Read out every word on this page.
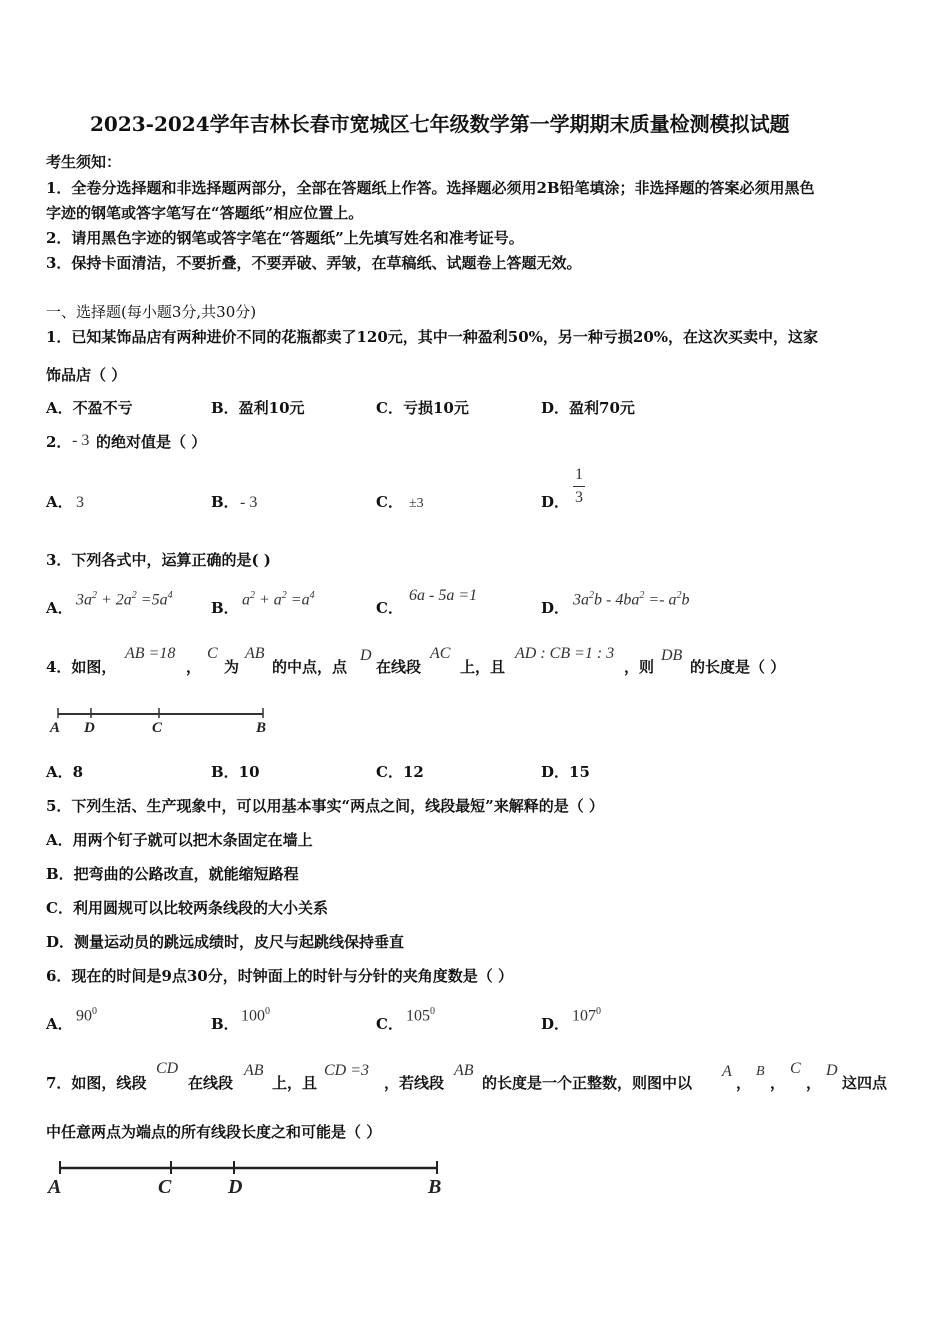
2023-2024学年吉林长春市宽城区七年级数学第一学期期末质量检测模拟试题
考生须知：
1．全卷分选择题和非选择题两部分，全部在答题纸上作答。选择题必须用2B铅笔填涂；非选择题的答案必须用黑色
字迹的钢笔或答字笔写在“答题纸”相应位置上。
2．请用黑色字迹的钢笔或答字笔在“答题纸”上先填写姓名和准考证号。
3．保持卡面清洁，不要折叠，不要弄破、弄皱，在草稿纸、试题卷上答题无效。
一、选择题(每小题3分,共30分)
1．已知某饰品店有两种进价不同的花瓶都卖了120元，其中一种盈利50%，另一种亏损20%，在这次买卖中，这家
饰品店（ ）
A．不盈不亏	B．盈利10元	C．亏损10元	D．盈利70元
2． - 3 的绝对值是（ ）
A． 3	B． - 3	C． ±3	D．
1
3
3．下列各式中，运算正确的是( )
A． $3a^2 + 2a^2 =5a^4$
B． $a^2 + a^2 =a^4$
C．
6a - 5a =1
D． $3a^2b - 4ba^2 =- a^2b$
4．如图，
AB =18
，
C
为
AB
的中点，点
D
在线段
AC
上，且
AD : CB =1 : 3
，则
DB
的长度是（ ）
A D	C	B
A．8	B．10	C．12	D．15
5．下列生活、生产现象中，可以用基本事实“两点之间，线段最短”来解释的是（ ）
A．用两个钉子就可以把木条固定在墙上
B．把弯曲的公路改直，就能缩短路程
C．利用圆规可以比较两条线段的大小关系
D．测量运动员的跳远成绩时，皮尺与起跳线保持垂直
6．现在的时间是9点30分，时钟面上的时针与分针的夹角度数是（ ）
A． $90^0$
B． $100^0$
C． $105^0$
D． $107^0$
7．如图，线段
CD
在线段
AB
上，且
CD =3
，若线段
AB
的长度是一个正整数，则图中以
A
，
B
，
C
，
D
这四点
中任意两点为端点的所有线段长度之和可能是（ ）
A	C	D	B
